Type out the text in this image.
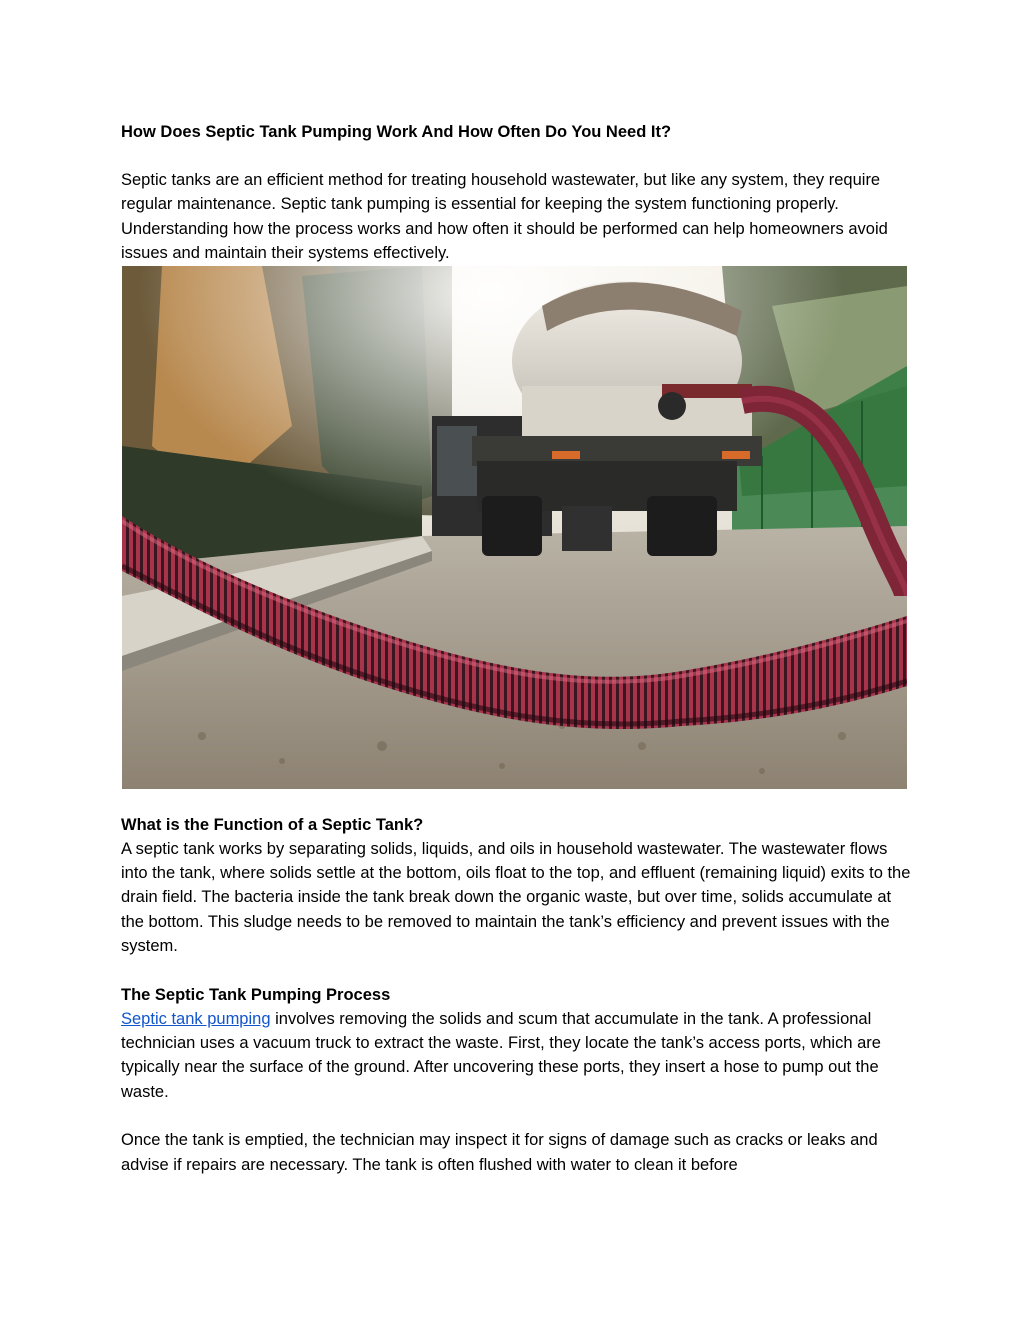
How Does Septic Tank Pumping Work And How Often Do You Need It?

Septic tanks are an efficient method for treating household wastewater, but like any system, they require regular maintenance. Septic tank pumping is essential for keeping the system functioning properly. Understanding how the process works and how often it should be performed can help homeowners avoid issues and maintain their systems effectively.

What is the Function of a Septic Tank?

A septic tank works by separating solids, liquids, and oils in household wastewater. The wastewater flows into the tank, where solids settle at the bottom, oils float to the top, and effluent (remaining liquid) exits to the drain field. The bacteria inside the tank break down the organic waste, but over time, solids accumulate at the bottom. This sludge needs to be removed to maintain the tank’s efficiency and prevent issues with the system.

The Septic Tank Pumping Process

Septic tank pumping involves removing the solids and scum that accumulate in the tank. A professional technician uses a vacuum truck to extract the waste. First, they locate the tank’s access ports, which are typically near the surface of the ground. After uncovering these ports, they insert a hose to pump out the waste.

Once the tank is emptied, the technician may inspect it for signs of damage such as cracks or leaks and advise if repairs are necessary. The tank is often flushed with water to clean it before
